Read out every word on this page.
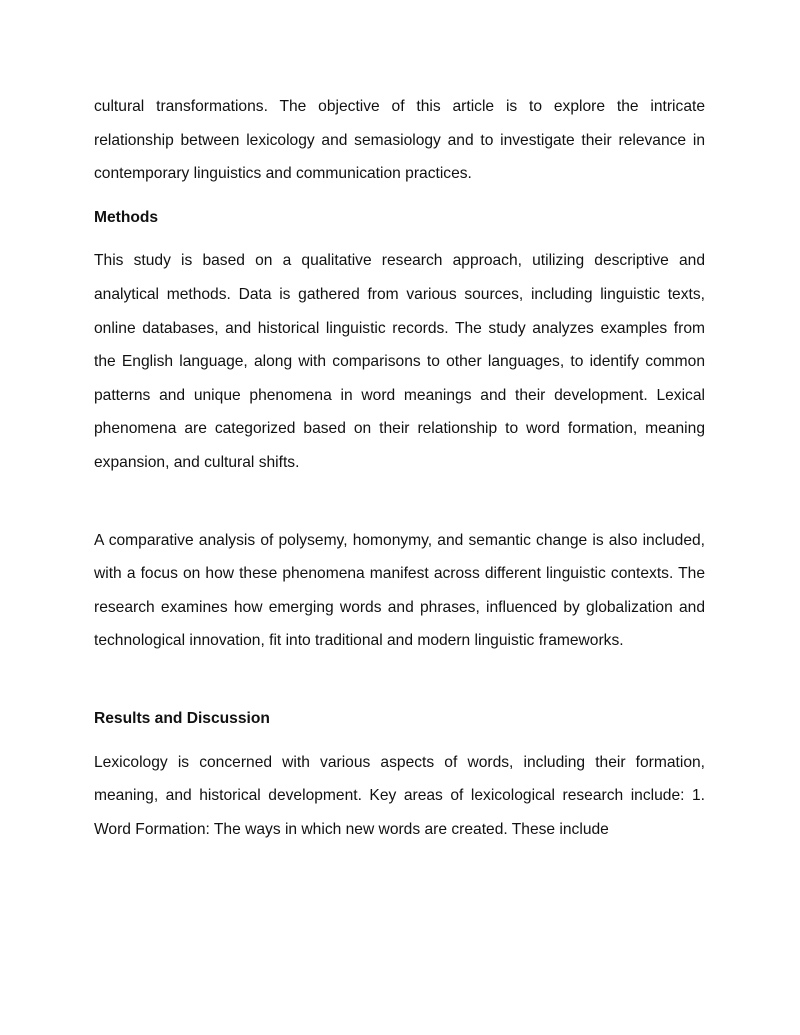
cultural transformations. The objective of this article is to explore the intricate relationship between lexicology and semasiology and to investigate their relevance in contemporary linguistics and communication practices.

Methods

This study is based on a qualitative research approach, utilizing descriptive and analytical methods. Data is gathered from various sources, including linguistic texts, online databases, and historical linguistic records. The study analyzes examples from the English language, along with comparisons to other languages, to identify common patterns and unique phenomena in word meanings and their development. Lexical phenomena are categorized based on their relationship to word formation, meaning expansion, and cultural shifts.

A comparative analysis of polysemy, homonymy, and semantic change is also included, with a focus on how these phenomena manifest across different linguistic contexts. The research examines how emerging words and phrases, influenced by globalization and technological innovation, fit into traditional and modern linguistic frameworks.

Results and Discussion

Lexicology is concerned with various aspects of words, including their formation, meaning, and historical development. Key areas of lexicological research include: 1. Word Formation: The ways in which new words are created. These include
